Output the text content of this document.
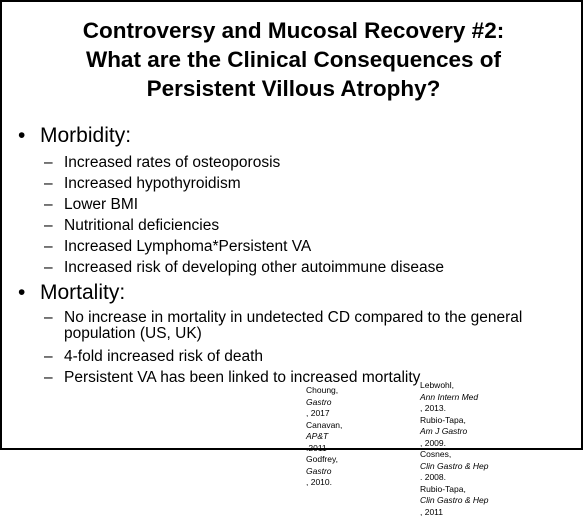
Controversy and Mucosal Recovery #2:
What are the Clinical Consequences of
Persistent Villous Atrophy?
• Morbidity:
– Increased rates of osteoporosis
– Increased hypothyroidism
– Lower BMI
– Nutritional deficiencies
– Increased Lymphoma*Persistent VA
– Increased risk of developing other autoimmune disease
• Mortality:
– No increase in mortality in undetected CD compared to the general population (US, UK)
– 4-fold increased risk of death
– Persistent VA has been linked to increased mortality
Choung,
Gastro
, 2017
Canavan,
AP&T
.2011
Godfrey,
Gastro
, 2010.
Lebwohl,
Ann Intern Med
, 2013.
Rubio-Tapa,
Am J Gastro
, 2009.
Cosnes,
Clin Gastro & Hep
. 2008.
Rubio-Tapa,
Clin Gastro & Hep
, 2011
